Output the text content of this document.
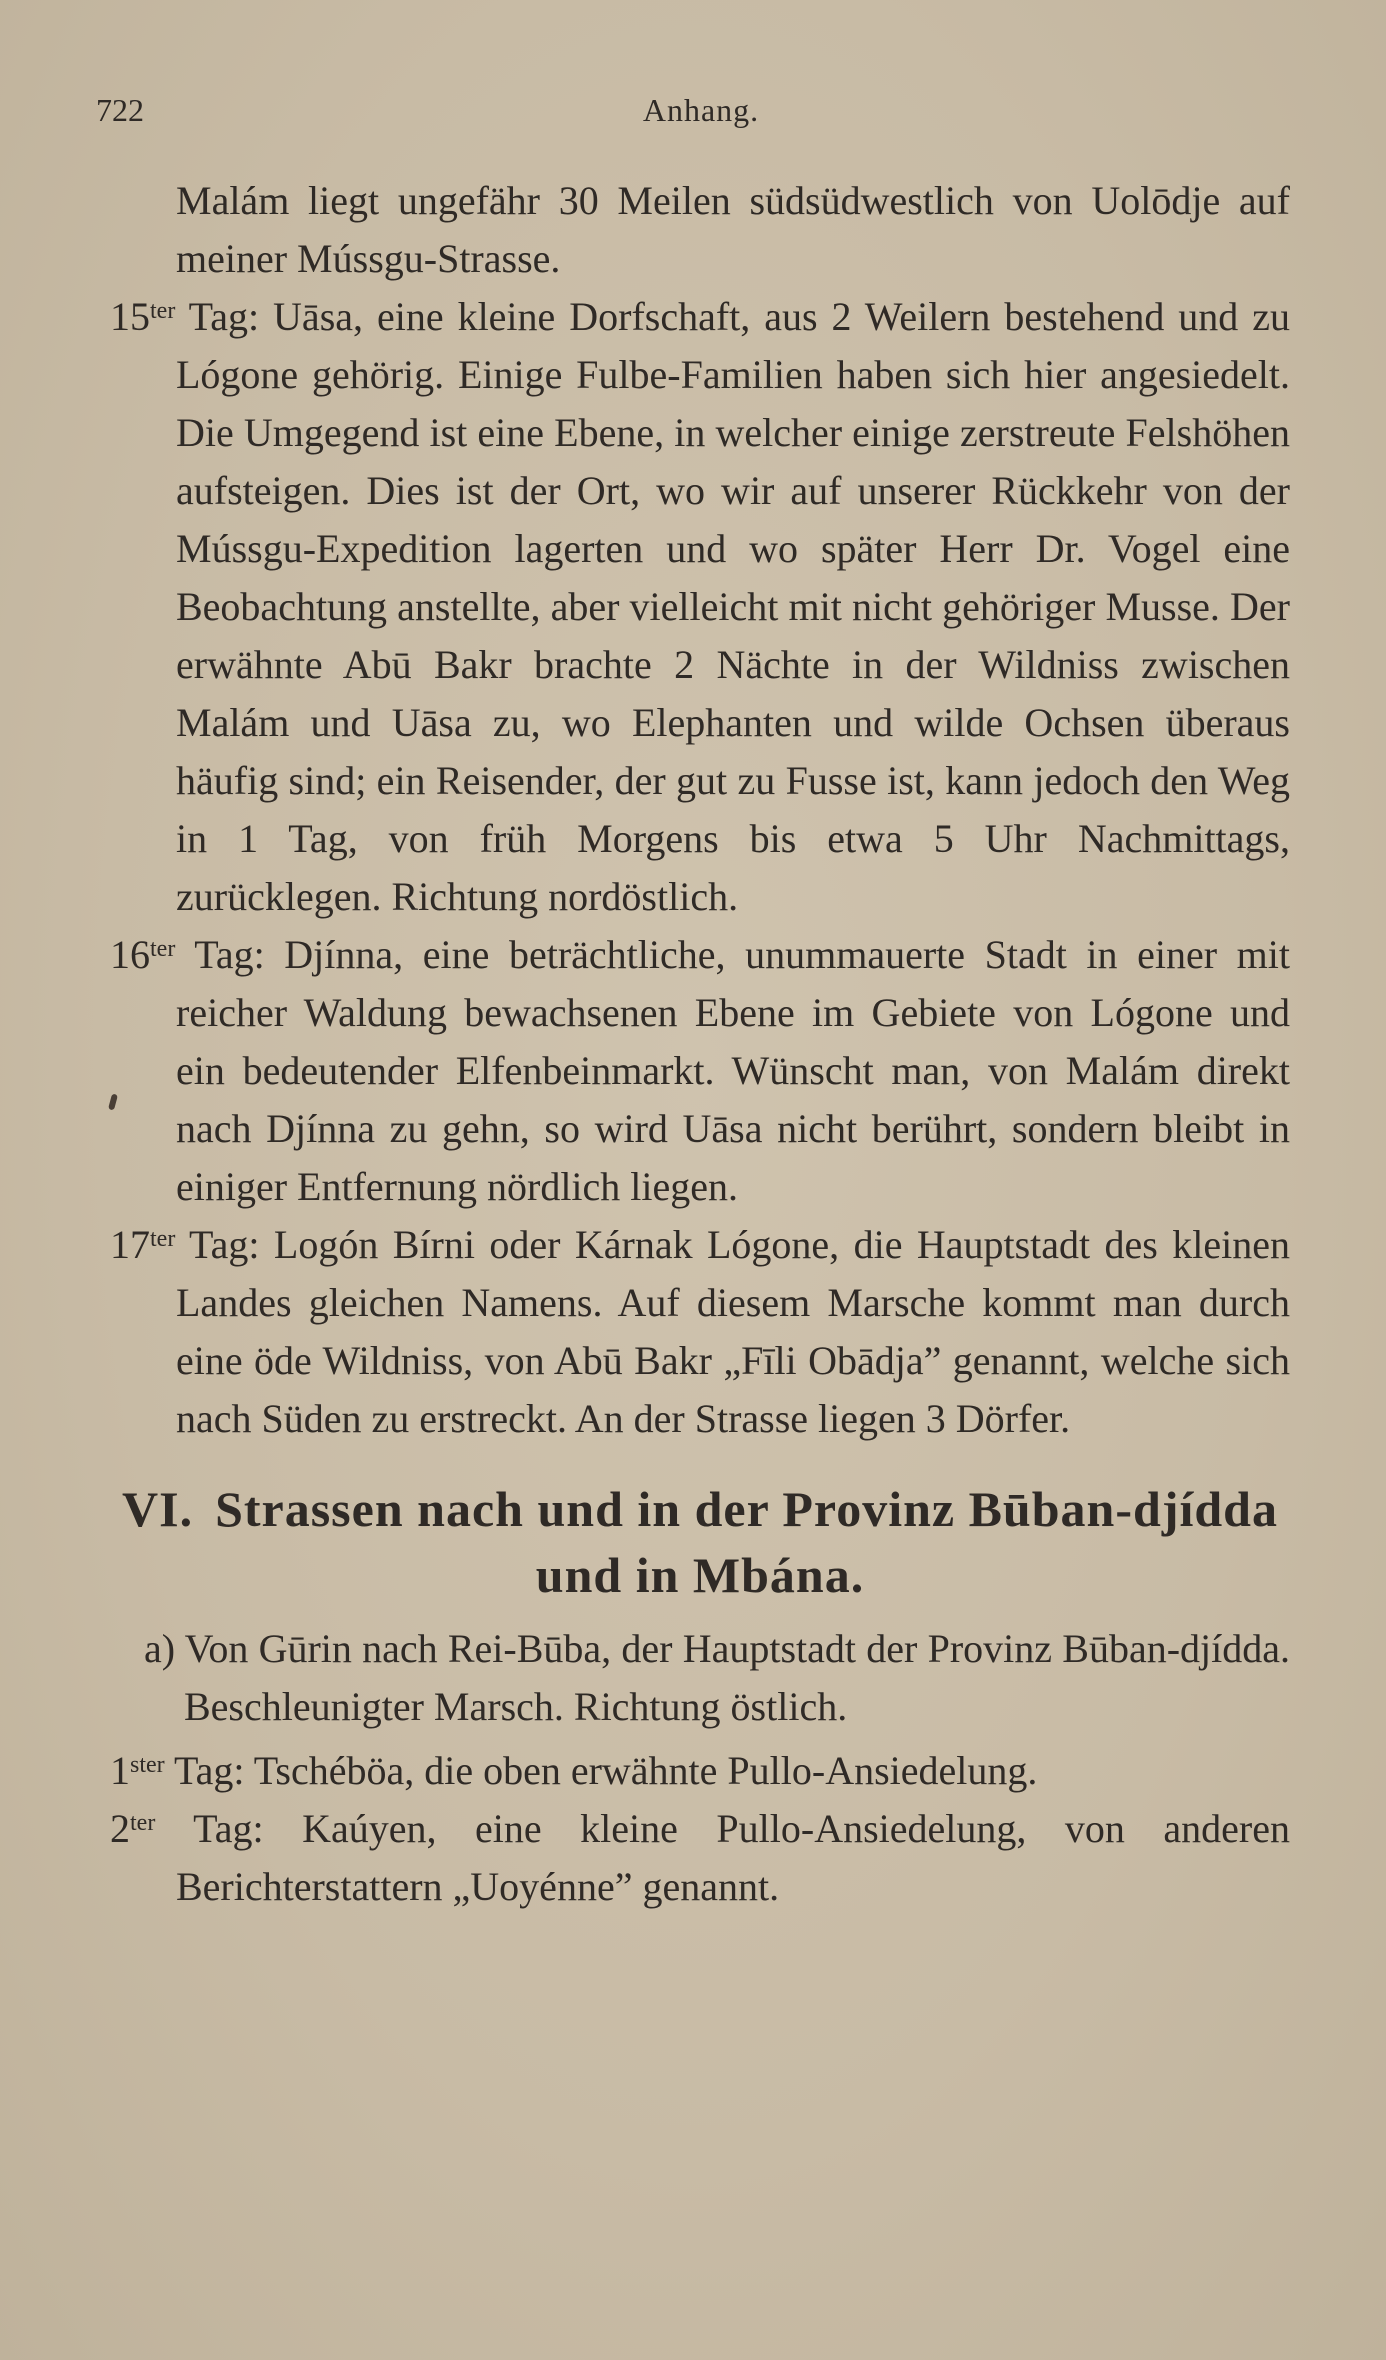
722	Anhang.

Malám liegt ungefähr 30 Meilen südsüdwestlich von Uolōdje auf meiner Mússgu-Strasse.

$15^{ter}$ Tag: Uāsa, eine kleine Dorfschaft, aus 2 Weilern bestehend und zu Lógone gehörig. Einige Fulbe-Familien haben sich hier angesiedelt. Die Umgegend ist eine Ebene, in welcher einige zerstreute Felshöhen aufsteigen. Dies ist der Ort, wo wir auf unserer Rückkehr von der Mússgu-Expedition lagerten und wo später Herr Dr. Vogel eine Beobachtung anstellte, aber vielleicht mit nicht gehöriger Musse. Der erwähnte Abū Bakr brachte 2 Nächte in der Wildniss zwischen Malám und Uāsa zu, wo Elephanten und wilde Ochsen überaus häufig sind; ein Reisender, der gut zu Fusse ist, kann jedoch den Weg in 1 Tag, von früh Morgens bis etwa 5 Uhr Nachmittags, zurücklegen. Richtung nordöstlich.

$16^{ter}$ Tag: Djínna, eine beträchtliche, unummauerte Stadt in einer mit reicher Waldung bewachsenen Ebene im Gebiete von Lógone und ein bedeutender Elfenbeinmarkt. Wünscht man, von Malám direkt nach Djínna zu gehn, so wird Uāsa nicht berührt, sondern bleibt in einiger Entfernung nördlich liegen.

$17^{ter}$ Tag: Logón Bírni oder Kárnak Lógone, die Hauptstadt des kleinen Landes gleichen Namens. Auf diesem Marsche kommt man durch eine öde Wildniss, von Abū Bakr „Fīli Obādja” genannt, welche sich nach Süden zu erstreckt. An der Strasse liegen 3 Dörfer.

VI. Strassen nach und in der Provinz Būban-djídda
und in Mbána.

a) Von Gūrin nach Rei-Būba, der Hauptstadt der Provinz Būban-djídda. Beschleunigter Marsch. Richtung östlich.

$1^{ster}$ Tag: Tschéböa, die oben erwähnte Pullo-Ansiedelung.

$2^{ter}$ Tag: Kaúyen, eine kleine Pullo-Ansiedelung, von anderen Berichterstattern „Uoyénne” genannt.
